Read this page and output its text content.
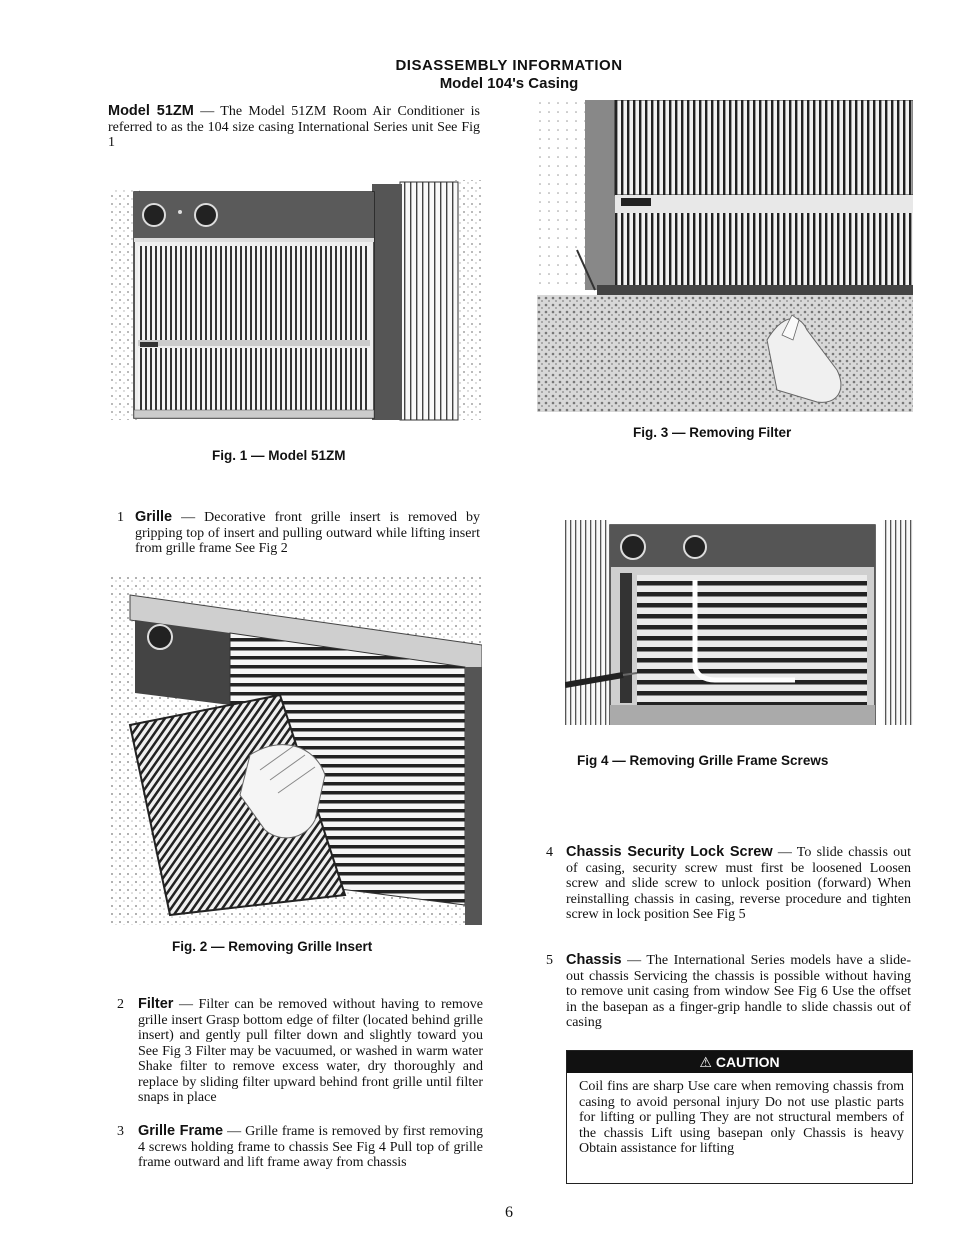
DISASSEMBLY INFORMATION
Model 104's Casing
Model 51ZM — The Model 51ZM Room Air Conditioner is referred to as the 104 size casing International Series unit See Fig 1
Fig. 1 — Model 51ZM
Fig. 3 — Removing Filter
1 Grille — Decorative front grille insert is removed by gripping top of insert and pulling outward while lifting insert from grille frame See Fig 2
Fig. 2 — Removing Grille Insert
Fig 4 — Removing Grille Frame Screws
2 Filter — Filter can be removed without having to remove grille insert Grasp bottom edge of filter (located behind grille insert) and gently pull filter down and slightly toward you See Fig 3 Filter may be vacuumed, or washed in warm water Shake filter to remove excess water, dry thoroughly and replace by sliding filter upward behind front grille until filter snaps in place
3 Grille Frame — Grille frame is removed by first removing 4 screws holding frame to chassis See Fig 4 Pull top of grille frame outward and lift frame away from chassis
4 Chassis Security Lock Screw — To slide chassis out of casing, security screw must first be loosened Loosen screw and slide screw to unlock position (forward) When reinstalling chassis in casing, reverse procedure and tighten screw in lock position See Fig 5
5 Chassis — The International Series models have a slide-out chassis Servicing the chassis is possible without having to remove unit casing from window See Fig 6 Use the offset in the basepan as a finger-grip handle to slide chassis out of casing
⚠ CAUTION
Coil fins are sharp Use care when removing chassis from casing to avoid personal injury Do not use plastic parts for lifting or pulling They are not structural members of the chassis Lift using basepan only Chassis is heavy Obtain assistance for lifting
6
